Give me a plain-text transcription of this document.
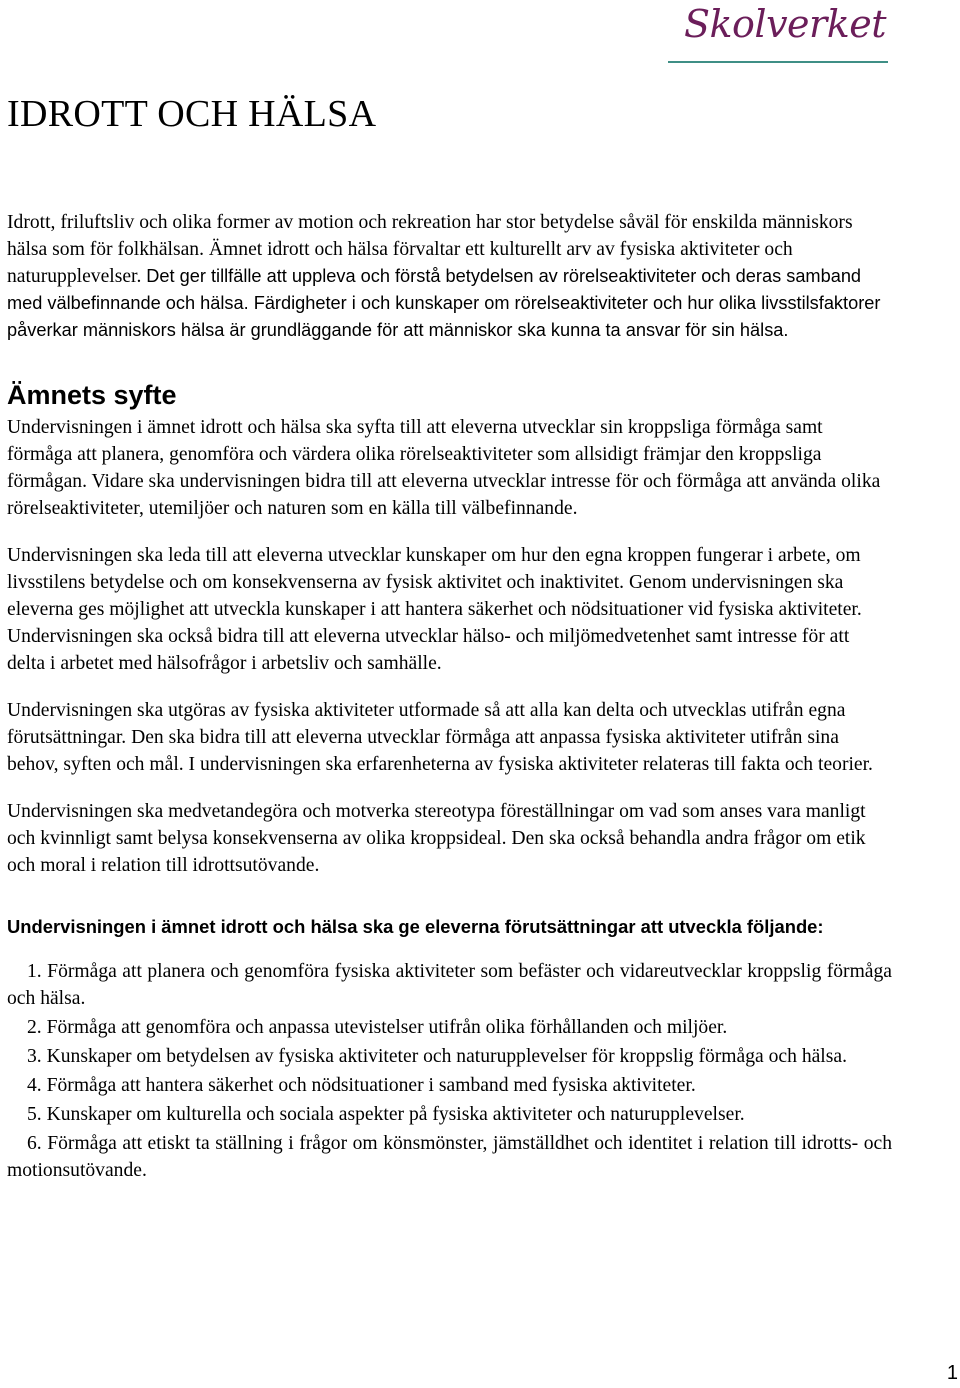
Skolverket
IDROTT OCH HÄLSA

Idrott, friluftsliv och olika former av motion och rekreation har stor betydelse såväl för enskilda människors hälsa som för folkhälsan. Ämnet idrott och hälsa förvaltar ett kulturellt arv av fysiska aktiviteter och naturupplevelser. Det ger tillfälle att uppleva och förstå betydelsen av rörelseaktiviteter och deras samband med välbefinnande och hälsa. Färdigheter i och kunskaper om rörelseaktiviteter och hur olika livsstilsfaktorer påverkar människors hälsa är grundläggande för att människor ska kunna ta ansvar för sin hälsa.

Ämnets syfte

Undervisningen i ämnet idrott och hälsa ska syfta till att eleverna utvecklar sin kroppsliga förmåga samt förmåga att planera, genomföra och värdera olika rörelseaktiviteter som allsidigt främjar den kroppsliga förmågan. Vidare ska undervisningen bidra till att eleverna utvecklar intresse för och förmåga att använda olika rörelseaktiviteter, utemiljöer och naturen som en källa till välbefinnande.

Undervisningen ska leda till att eleverna utvecklar kunskaper om hur den egna kroppen fungerar i arbete, om livsstilens betydelse och om konsekvenserna av fysisk aktivitet och inaktivitet. Genom undervisningen ska eleverna ges möjlighet att utveckla kunskaper i att hantera säkerhet och nödsituationer vid fysiska aktiviteter. Undervisningen ska också bidra till att eleverna utvecklar hälso- och miljömedvetenhet samt intresse för att delta i arbetet med hälsofrågor i arbetsliv och samhälle.

Undervisningen ska utgöras av fysiska aktiviteter utformade så att alla kan delta och utvecklas utifrån egna förutsättningar. Den ska bidra till att eleverna utvecklar förmåga att anpassa fysiska aktiviteter utifrån sina behov, syften och mål. I undervisningen ska erfarenheterna av fysiska aktiviteter relateras till fakta och teorier.

Undervisningen ska medvetandegöra och motverka stereotypa föreställningar om vad som anses vara manligt och kvinnligt samt belysa konsekvenserna av olika kroppsideal. Den ska också behandla andra frågor om etik och moral i relation till idrottsutövande.

Undervisningen i ämnet idrott och hälsa ska ge eleverna förutsättningar att utveckla följande:

1. Förmåga att planera och genomföra fysiska aktiviteter som befäster och vidareutvecklar kroppslig förmåga och hälsa.
2. Förmåga att genomföra och anpassa utevistelser utifrån olika förhållanden och miljöer.
3. Kunskaper om betydelsen av fysiska aktiviteter och naturupplevelser för kroppslig förmåga och hälsa.
4. Förmåga att hantera säkerhet och nödsituationer i samband med fysiska aktiviteter.
5. Kunskaper om kulturella och sociala aspekter på fysiska aktiviteter och naturupplevelser.
6. Förmåga att etiskt ta ställning i frågor om könsmönster, jämställdhet och identitet i relation till idrotts- och motionsutövande.
1
